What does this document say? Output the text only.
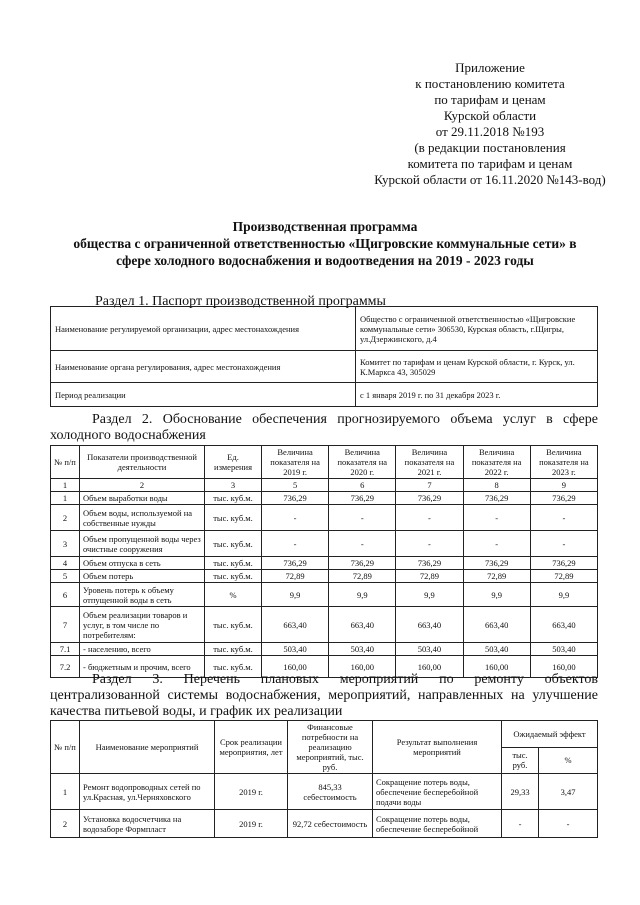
Приложение
к постановлению комитета
по тарифам и ценам
Курской области
от 29.11.2018 №193
(в редакции постановления
комитета по тарифам и ценам
Курской области от 16.11.2020 №143-вод)
Производственная программа
общества с ограниченной ответственностью «Щигровские коммунальные сети» в
сфере холодного водоснабжения и водоотведения на 2019 - 2023 годы
Раздел 1. Паспорт производственной программы
Наименование регулируемой организации, адрес местонахождения	Общество с ограниченной ответственностью «Щигровские коммунальные сети» 306530, Курская область, г.Щигры, ул.Дзержинского, д.4
Наименование органа регулирования, адрес местонахождения	Комитет по тарифам и ценам Курской области, г. Курск, ул. К.Маркса 43, 305029
Период реализации	с 1 января 2019 г. по 31 декабря 2023 г.
Раздел 2. Обоснование обеспечения прогнозируемого объема услуг в сфере
холодного водоснабжения
№ п/п	Показатели производственной деятельности	Ед. измерения	Величина показателя на 2019 г.	Величина показателя на 2020 г.	Величина показателя на 2021 г.	Величина показателя на 2022 г.	Величина показателя на 2023 г.
1	2	3	5	6	7	8	9
1	Объем выработки воды	тыс. куб.м.	736,29	736,29	736,29	736,29	736,29
2	Объем воды, используемой на собственные нужды	тыс. куб.м.	-	-	-	-	-
3	Объем пропущенной воды через очистные сооружения	тыс. куб.м.	-	-	-	-	-
4	Объем отпуска в сеть	тыс. куб.м.	736,29	736,29	736,29	736,29	736,29
5	Объем потерь	тыс. куб.м.	72,89	72,89	72,89	72,89	72,89
6	Уровень потерь к объему отпущенной воды в сеть	%	9,9	9,9	9,9	9,9	9,9
7	Объем реализации товаров и услуг, в том числе по потребителям:	тыс. куб.м.	663,40	663,40	663,40	663,40	663,40
7.1	- населению, всего	тыс. куб.м.	503,40	503,40	503,40	503,40	503,40
7.2	- бюджетным и прочим, всего	тыс. куб.м.	160,00	160,00	160,00	160,00	160,00
Раздел 3. Перечень плановых мероприятий по ремонту объектов
централизованной системы водоснабжения, мероприятий, направленных на улучшение
качества питьевой воды, и график их реализации
№ п/п	Наименование мероприятий	Срок реализации мероприятия, лет	Финансовые потребности на реализацию мероприятий, тыс. руб.	Результат выполнения мероприятий	Ожидаемый эффект	
					тыс. руб.	%
1	Ремонт водопроводных сетей по ул.Красная, ул.Черняховского	2019 г.	845,33 себестоимость	Сокращение потерь воды, обеспечение бесперебойной подачи воды	29,33	3,47
2	Установка водосчетчика на водозаборе Формпласт	2019 г.	92,72 себестоимость	Сокращение потерь воды, обеспечение бесперебойной	-	-
